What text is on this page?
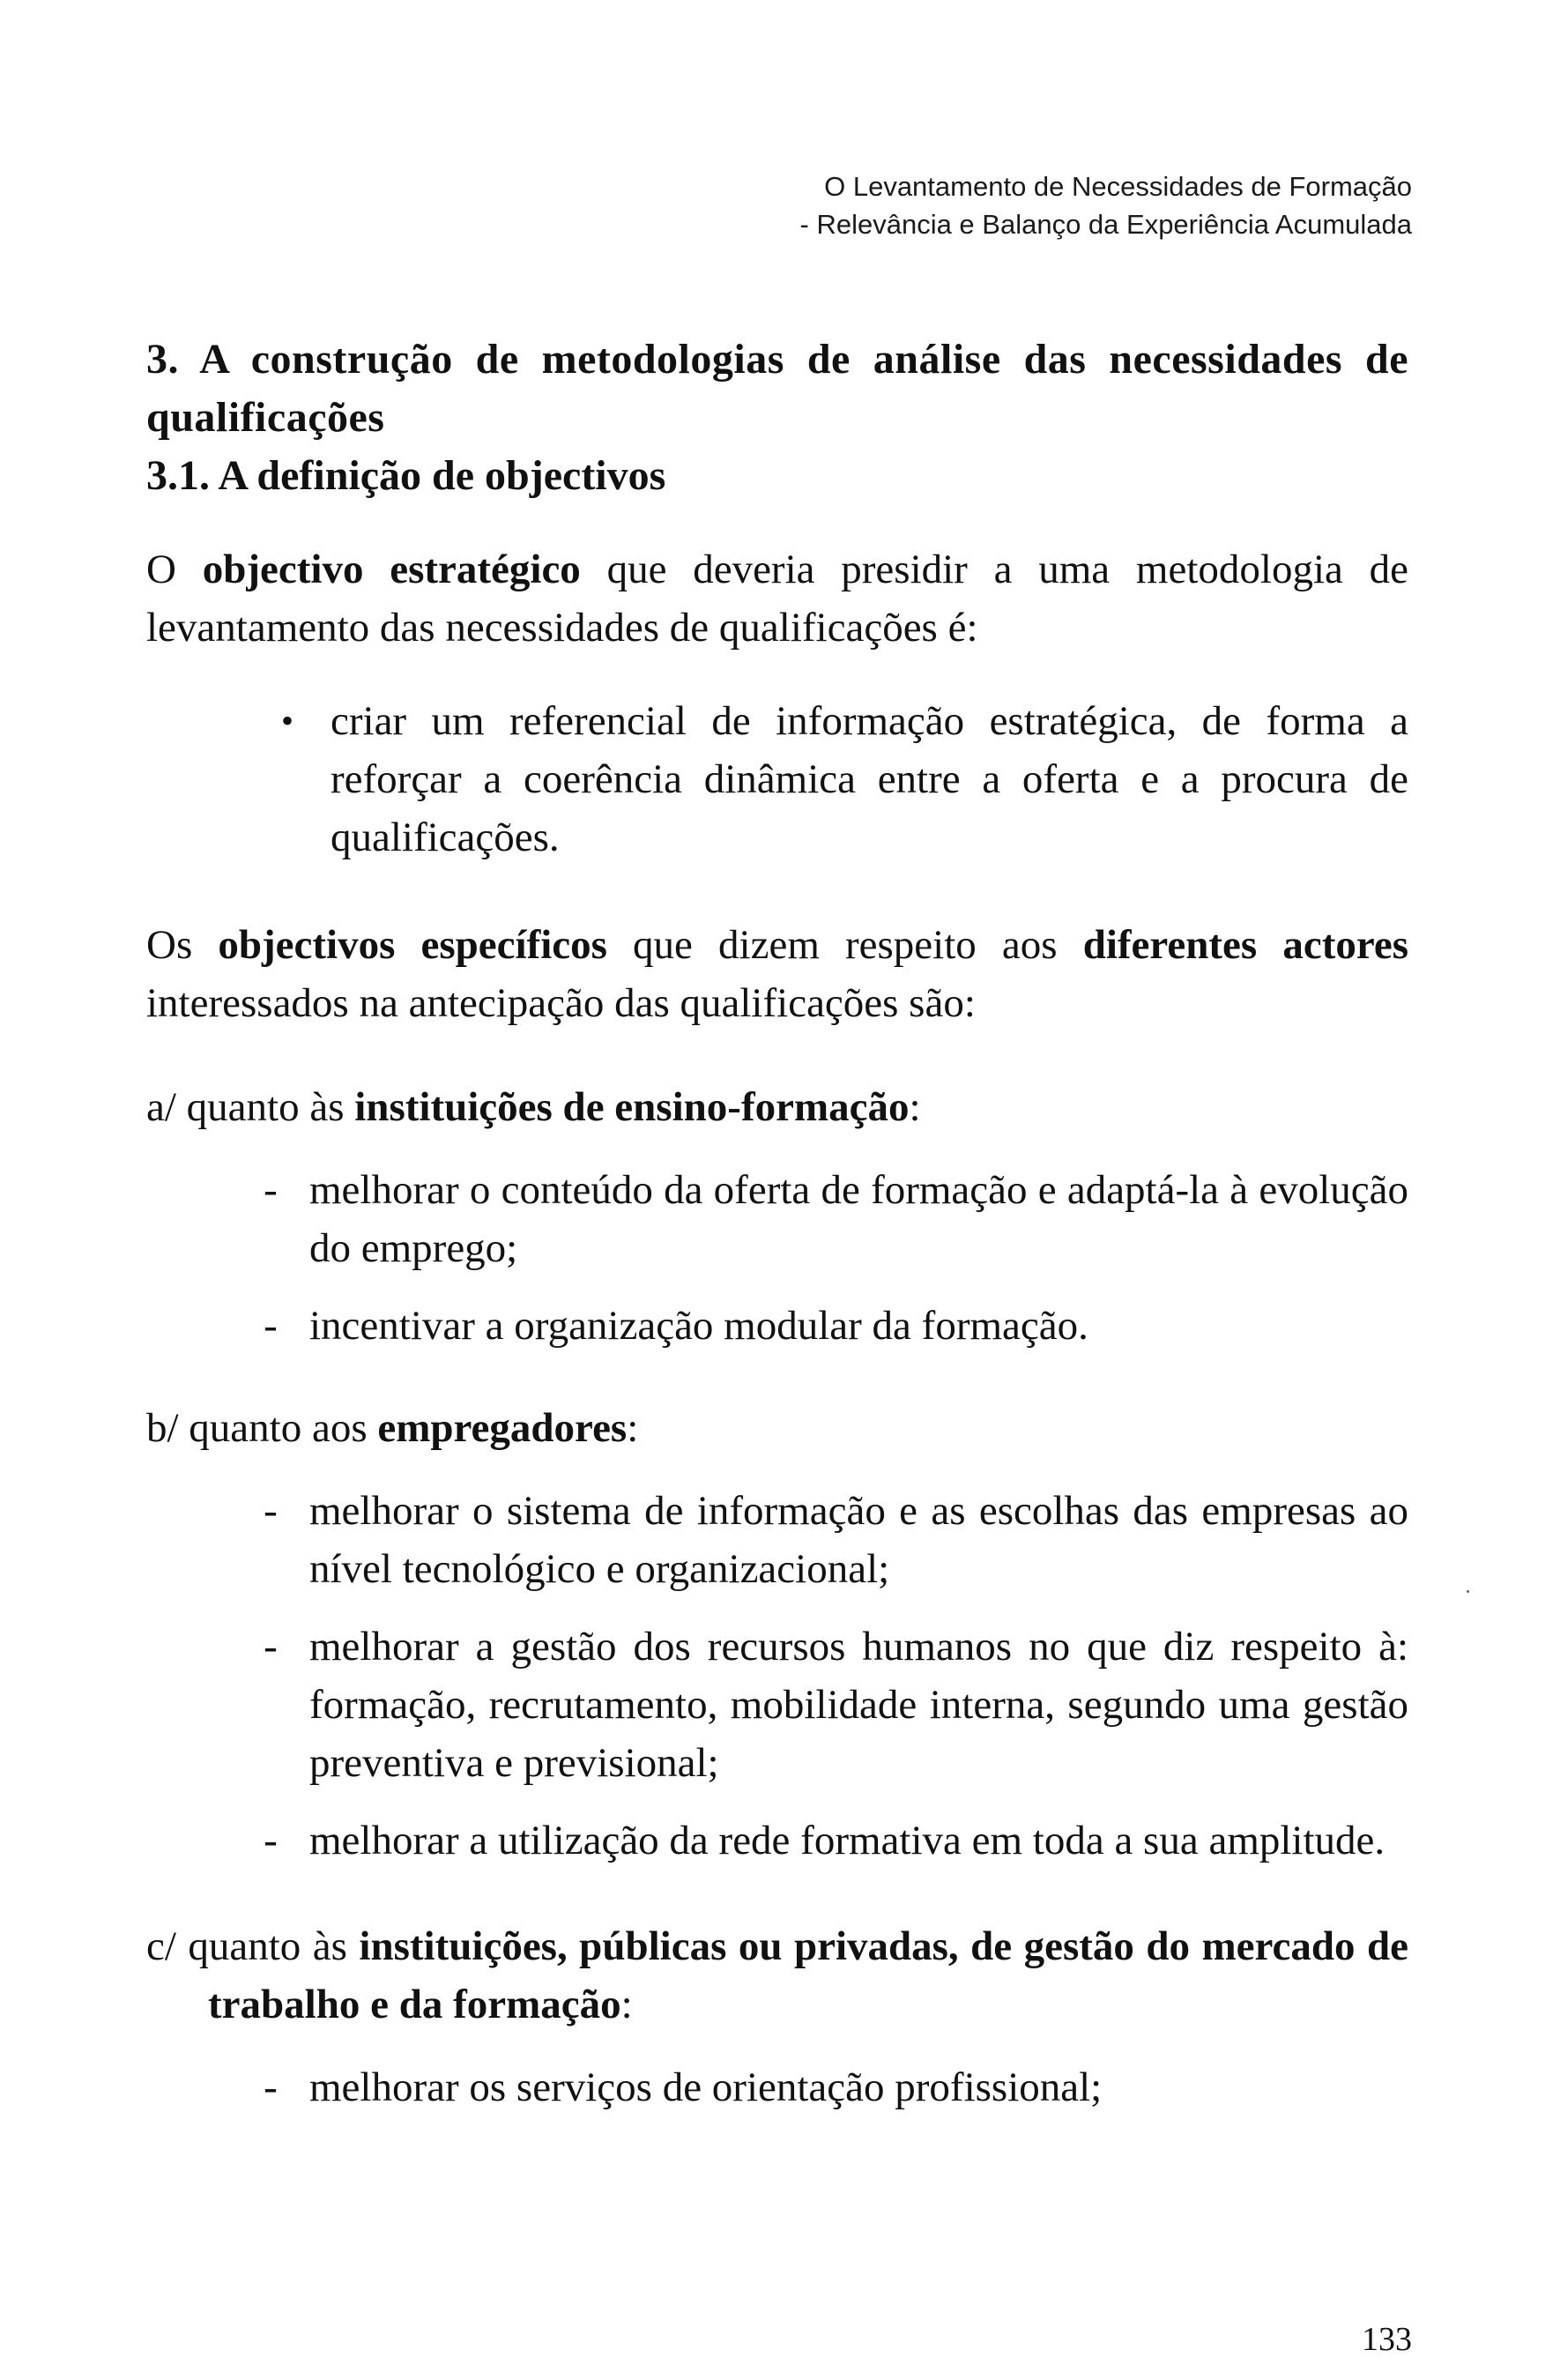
O Levantamento de Necessidades de Formação
- Relevância e Balanço da Experiência Acumulada

3. A construção de metodologias de análise das necessidades de qualificações

3.1. A definição de objectivos

O objectivo estratégico que deveria presidir a uma metodologia de levantamento das necessidades de qualificações é:

• criar um referencial de informação estratégica, de forma a reforçar a coerência dinâmica entre a oferta e a procura de qualificações.

Os objectivos específicos que dizem respeito aos diferentes actores interessados na antecipação das qualificações são:

a/ quanto às instituições de ensino-formação:

- melhorar o conteúdo da oferta de formação e adaptá-la à evolução do emprego;
- incentivar a organização modular da formação.

b/ quanto aos empregadores:

- melhorar o sistema de informação e as escolhas das empresas ao nível tecnológico e organizacional;
- melhorar a gestão dos recursos humanos no que diz respeito à: formação, recrutamento, mobilidade interna, segundo uma gestão preventiva e previsional;
- melhorar a utilização da rede formativa em toda a sua amplitude.

c/ quanto às instituições, públicas ou privadas, de gestão do mercado de trabalho e da formação:

- melhorar os serviços de orientação profissional;
133
